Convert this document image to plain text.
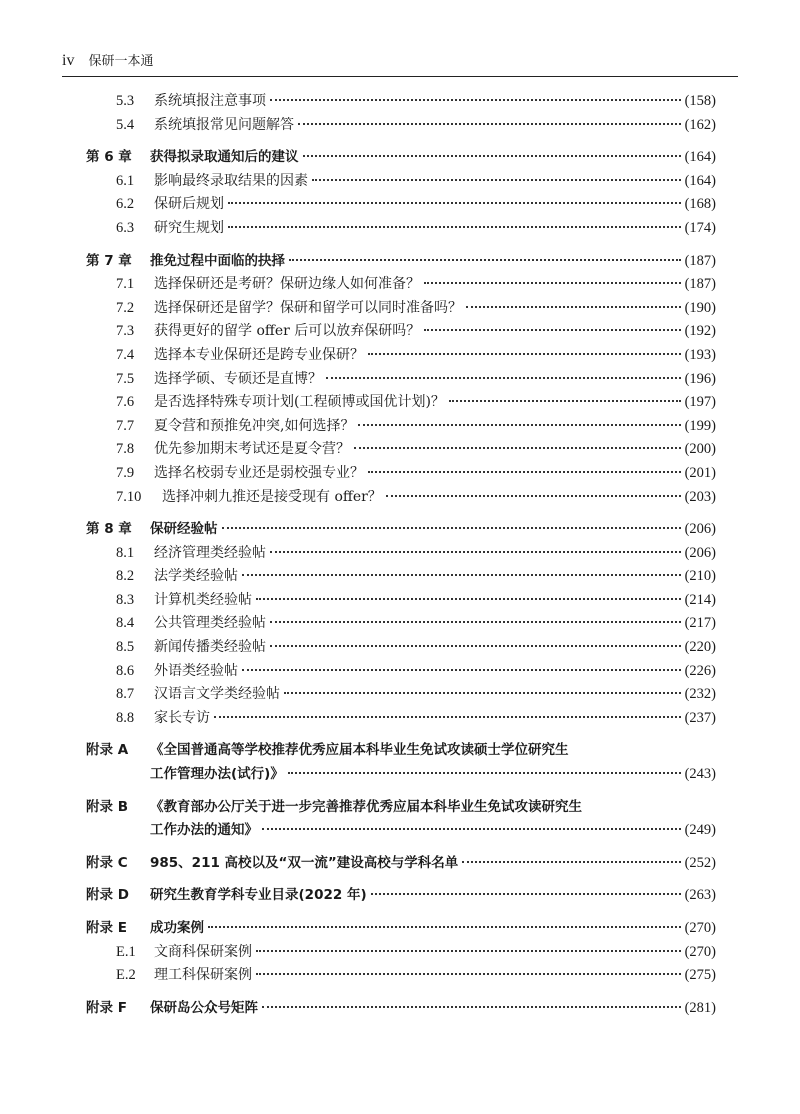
iv 保研一本通
5.3	系统填报注意事项	(158)
5.4	系统填报常见问题解答	(162)
第 6 章	获得拟录取通知后的建议	(164)
6.1	影响最终录取结果的因素	(164)
6.2	保研后规划	(168)
6.3	研究生规划	(174)
第 7 章	推免过程中面临的抉择	(187)
7.1	选择保研还是考研？保研边缘人如何准备？	(187)
7.2	选择保研还是留学？保研和留学可以同时准备吗？	(190)
7.3	获得更好的留学 offer 后可以放弃保研吗？	(192)
7.4	选择本专业保研还是跨专业保研？	(193)
7.5	选择学硕、专硕还是直博？	(196)
7.6	是否选择特殊专项计划(工程硕博或国优计划)？	(197)
7.7	夏令营和预推免冲突,如何选择？	(199)
7.8	优先参加期末考试还是夏令营？	(200)
7.9	选择名校弱专业还是弱校强专业？	(201)
7.10	选择冲刺九推还是接受现有 offer？	(203)
第 8 章	保研经验帖	(206)
8.1	经济管理类经验帖	(206)
8.2	法学类经验帖	(210)
8.3	计算机类经验帖	(214)
8.4	公共管理类经验帖	(217)
8.5	新闻传播类经验帖	(220)
8.6	外语类经验帖	(226)
8.7	汉语言文学类经验帖	(232)
8.8	家长专访	(237)
附录 A	《全国普通高等学校推荐优秀应届本科毕业生免试攻读硕士学位研究生
工作管理办法(试行)》	(243)
附录 B	《教育部办公厅关于进一步完善推荐优秀应届本科毕业生免试攻读研究生
工作办法的通知》	(249)
附录 C	985、211 高校以及“双一流”建设高校与学科名单	(252)
附录 D	研究生教育学科专业目录(2022 年)	(263)
附录 E	成功案例	(270)
E.1	文商科保研案例	(270)
E.2	理工科保研案例	(275)
附录 F	保研岛公众号矩阵	(281)
